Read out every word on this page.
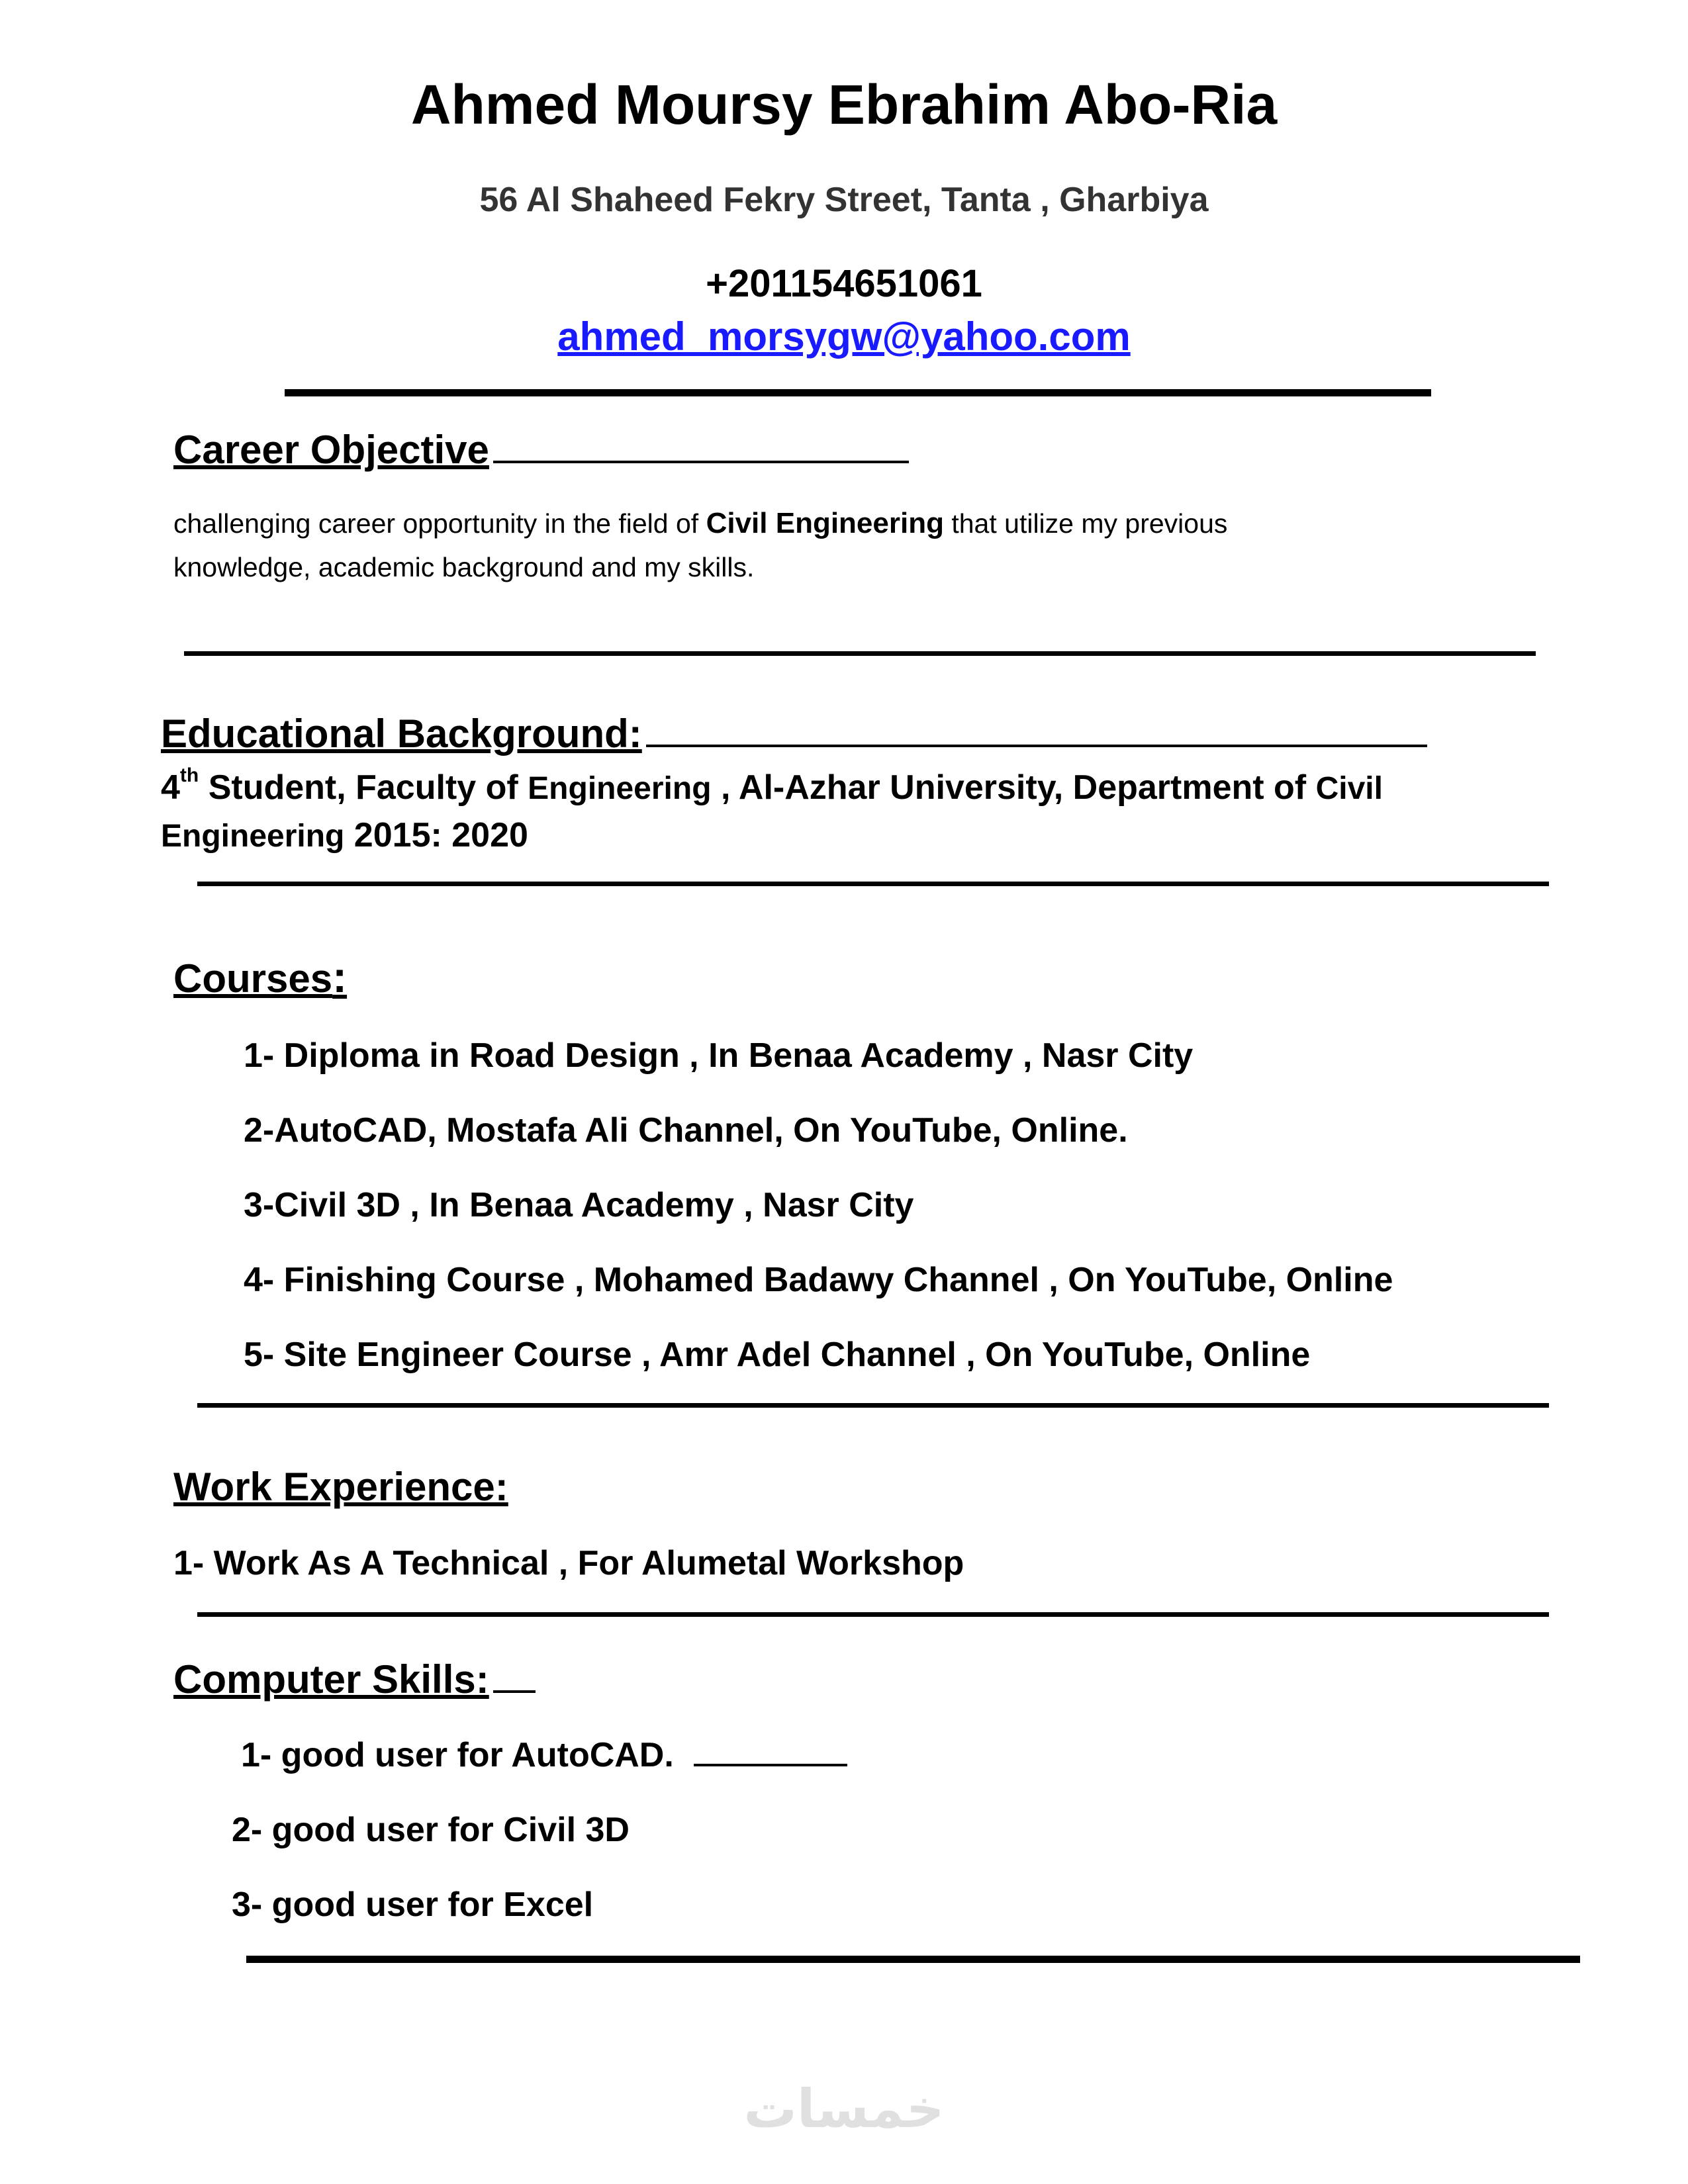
Ahmed Moursy Ebrahim Abo-Ria
56 Al Shaheed Fekry Street, Tanta , Gharbiya
+201154651061
ahmed_morsygw@yahoo.com
Career Objective
challenging career opportunity in the field of Civil Engineering that utilize my previous
knowledge, academic background and my skills.
Educational Background:
4th Student, Faculty of Engineering , Al-Azhar University, Department of Civil
Engineering 2015: 2020
Courses:
1- Diploma in Road Design , In Benaa Academy , Nasr City
2-AutoCAD, Mostafa Ali Channel, On YouTube, Online.
3-Civil 3D , In Benaa Academy , Nasr City
4- Finishing Course , Mohamed Badawy Channel , On YouTube, Online
5- Site Engineer Course , Amr Adel Channel , On YouTube, Online
Work Experience:
1- Work As A Technical , For Alumetal Workshop
Computer Skills:
1- good user for AutoCAD.
2- good user for Civil 3D
3- good user for Excel
خمسات
